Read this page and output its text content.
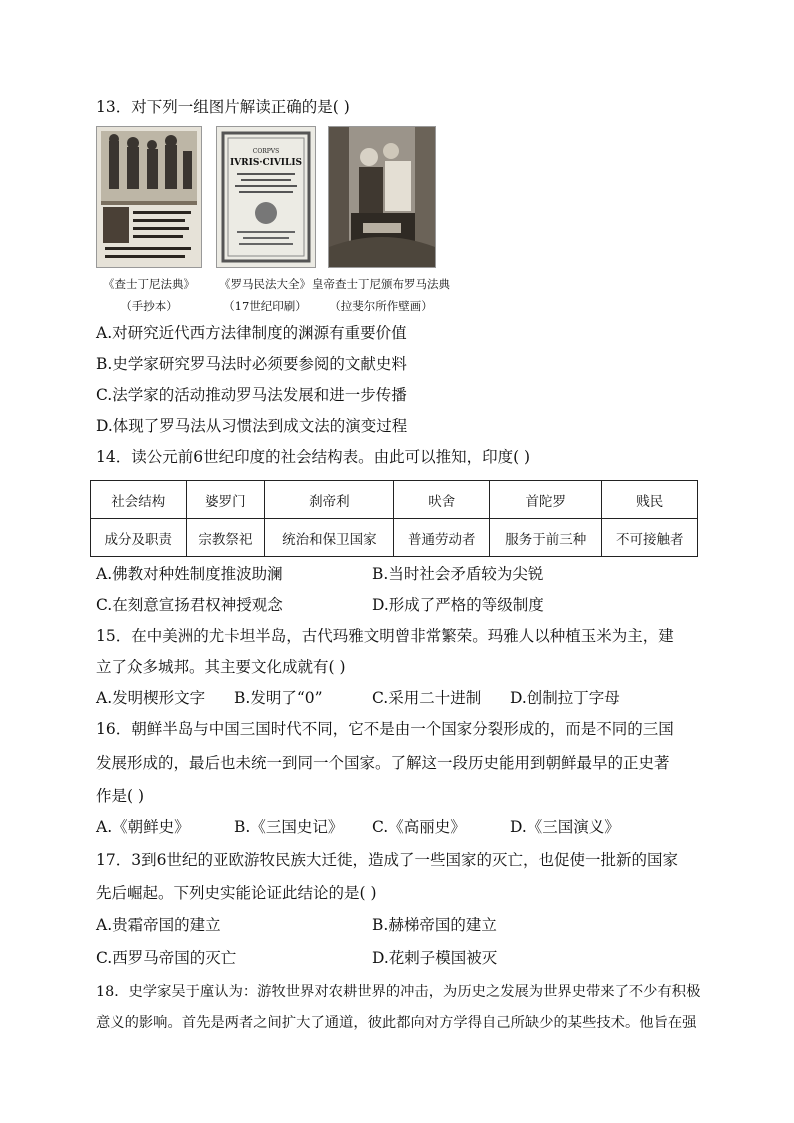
13．对下列一组图片解读正确的是( )
CORPVS
IVRIS·CIVILIS
《查士丁尼法典》
（手抄本）
《罗马民法大全》
（17世纪印刷）
皇帝查士丁尼颁布罗马法典
（拉斐尔所作壁画）
A.对研究近代西方法律制度的渊源有重要价值
B.史学家研究罗马法时必须要参阅的文献史料
C.法学家的活动推动罗马法发展和进一步传播
D.体现了罗马法从习惯法到成文法的演变过程
14．读公元前6世纪印度的社会结构表。由此可以推知，印度( )
社会结构	婆罗门	刹帝利	吠舍	首陀罗	贱民
成分及职责	宗教祭祀	统治和保卫国家	普通劳动者	服务于前三种	不可接触者
A.佛教对种姓制度推波助澜	B.当时社会矛盾较为尖锐
C.在刻意宣扬君权神授观念	D.形成了严格的等级制度
15．在中美洲的尤卡坦半岛，古代玛雅文明曾非常繁荣。玛雅人以种植玉米为主，建
立了众多城邦。其主要文化成就有( )
A.发明楔形文字 B.发明了“0”	C.采用二十进制 D.创制拉丁字母
16．朝鲜半岛与中国三国时代不同，它不是由一个国家分裂形成的，而是不同的三国
发展形成的，最后也未统一到同一个国家。了解这一段历史能用到朝鲜最早的正史著
作是( )
A.《朝鲜史》	B.《三国史记》 C.《高丽史》	D.《三国演义》
17．3到6世纪的亚欧游牧民族大迁徙，造成了一些国家的灭亡，也促使一批新的国家
先后崛起。下列史实能论证此结论的是( )
A.贵霜帝国的建立	B.赫梯帝国的建立
C.西罗马帝国的灭亡	D.花剌子模国被灭
18．史学家吴于廑认为：游牧世界对农耕世界的冲击，为历史之发展为世界史带来了不少有积极
意义的影响。首先是两者之间扩大了通道，彼此都向对方学得自己所缺少的某些技术。他旨在强
